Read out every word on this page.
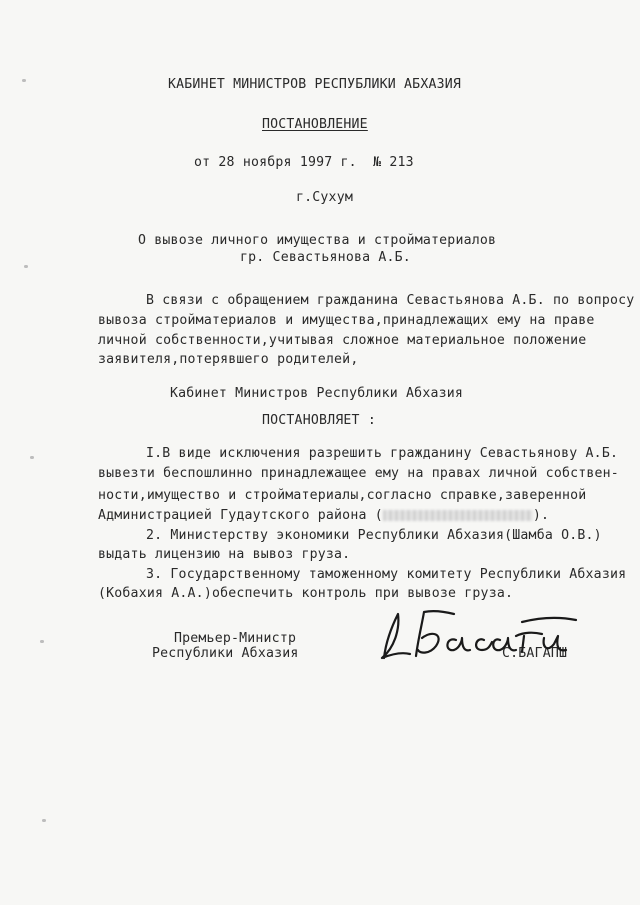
КАБИНЕТ МИНИСТРОВ РЕСПУБЛИКИ АБХАЗИЯ
ПОСТАНОВЛЕНИЕ
от 28 ноября 1997 г. № 213
г.Сухум
О вывозе личного имущества и стройматериалов
гр. Севастьянова А.Б.
В связи с обращением гражданина Севастьянова А.Б. по вопросу
вывоза стройматериалов и имущества,принадлежащих ему на праве
личной собственности,учитывая сложное материальное положение
заявителя,потерявшего родителей,
Кабинет Министров Республики Абхазия
ПОСТАНОВЛЯЕТ :
I.В виде исключения разрешить гражданину Севастьянову А.Б.
вывезти беспошлинно принадлежащее ему на правах личной собствен-
ности,имущество и стройматериалы,согласно справке,заверенной
Администрацией Гудаутского района (	).
2. Министерству экономики Республики Абхазия(Шамба О.В.)
выдать лицензию на вывоз груза.
3. Государственному таможенному комитету Республики Абхазия
(Кобахия А.А.)обеспечить контроль при вывозе груза.
Премьер-Министр
Республики Абхазия	С.БАГАПШ
